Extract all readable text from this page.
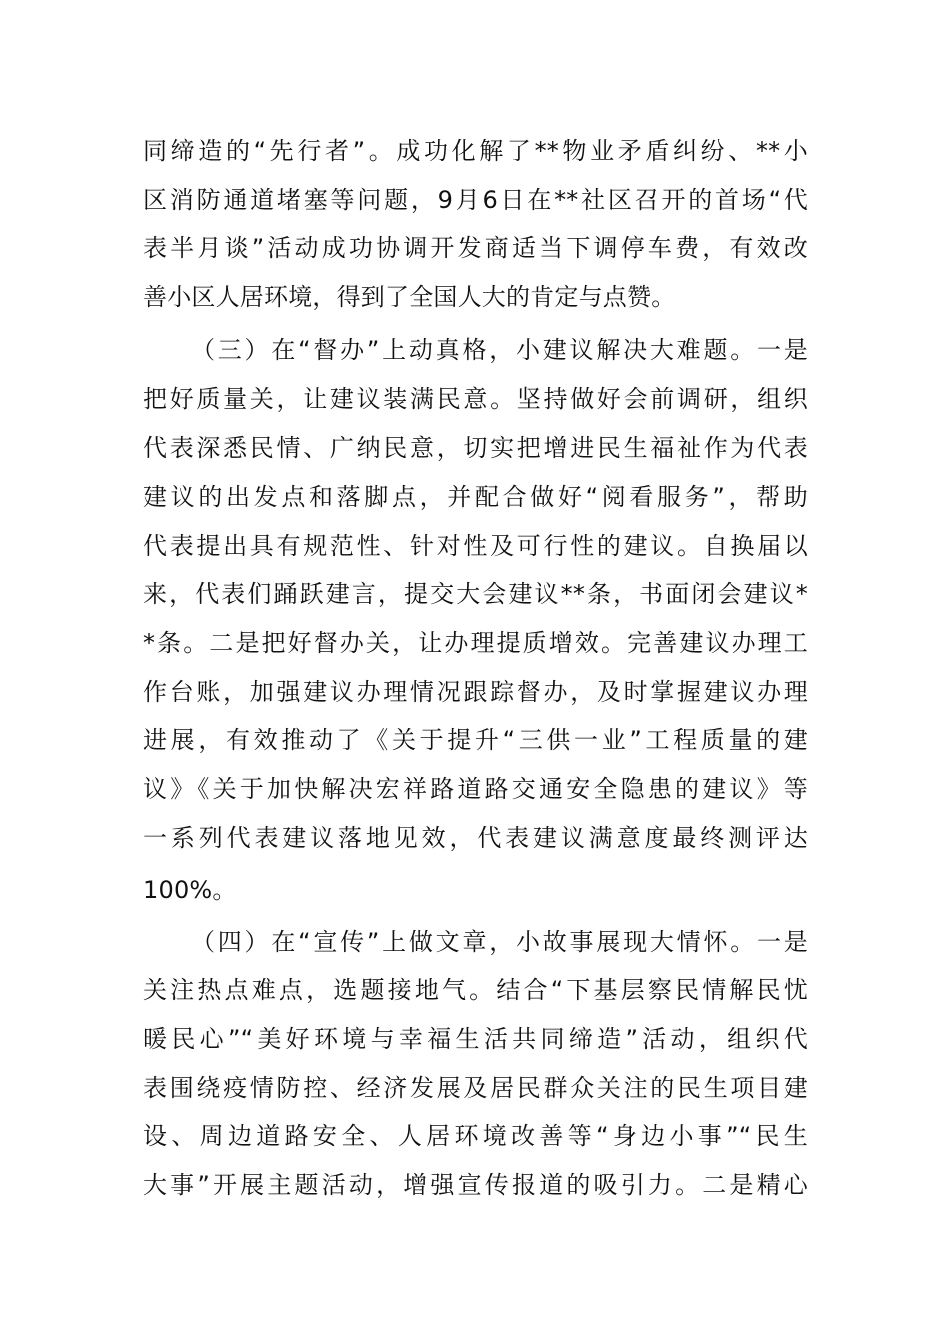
同缔造的“先行者”。成功化解了**物业矛盾纠纷、**小
区消防通道堵塞等问题，9月6日在**社区召开的首场“代
表半月谈”活动成功协调开发商适当下调停车费，有效改
善小区人居环境，得到了全国人大的肯定与点赞。
（三）在“督办”上动真格，小建议解决大难题。一是
把好质量关，让建议装满民意。坚持做好会前调研，组织
代表深悉民情、广纳民意，切实把增进民生福祉作为代表
建议的出发点和落脚点，并配合做好“阅看服务”，帮助
代表提出具有规范性、针对性及可行性的建议。自换届以
来，代表们踊跃建言，提交大会建议**条，书面闭会建议*
*条。二是把好督办关，让办理提质增效。完善建议办理工
作台账，加强建议办理情况跟踪督办，及时掌握建议办理
进展，有效推动了《关于提升“三供一业”工程质量的建
议》《关于加快解决宏祥路道路交通安全隐患的建议》等
一系列代表建议落地见效，代表建议满意度最终测评达
100%。
（四）在“宣传”上做文章，小故事展现大情怀。一是
关注热点难点，选题接地气。结合“下基层察民情解民忧
暖民心”“美好环境与幸福生活共同缔造”活动，组织代
表围绕疫情防控、经济发展及居民群众关注的民生项目建
设、周边道路安全、人居环境改善等“身边小事”“民生
大事”开展主题活动，增强宣传报道的吸引力。二是精心
